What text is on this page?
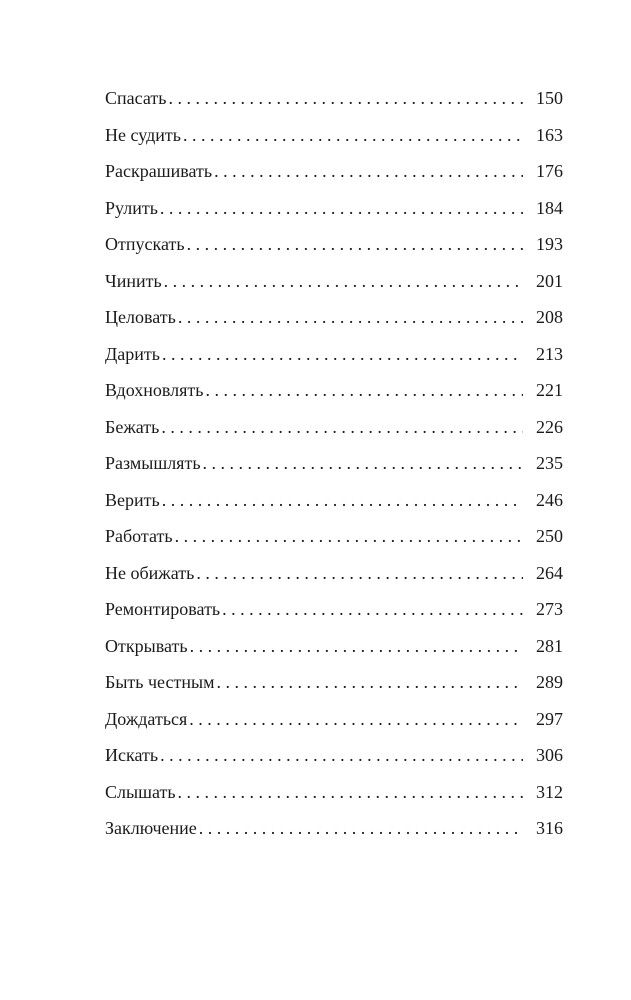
Спасать . . .	150
Не судить . . .	163
Раскрашивать . . .	176
Рулить . . .	184
Отпускать . . .	193
Чинить . . .	201
Целовать . . .	208
Дарить . . .	213
Вдохновлять . . .	221
Бежать . . .	226
Размышлять . . .	235
Верить . . .	246
Работать . . .	250
Не обижать . . .	264
Ремонтировать . . .	273
Открывать . . .	281
Быть честным . . .	289
Дождаться . . .	297
Искать . . .	306
Слышать . . .	312
Заключение . . .	316
